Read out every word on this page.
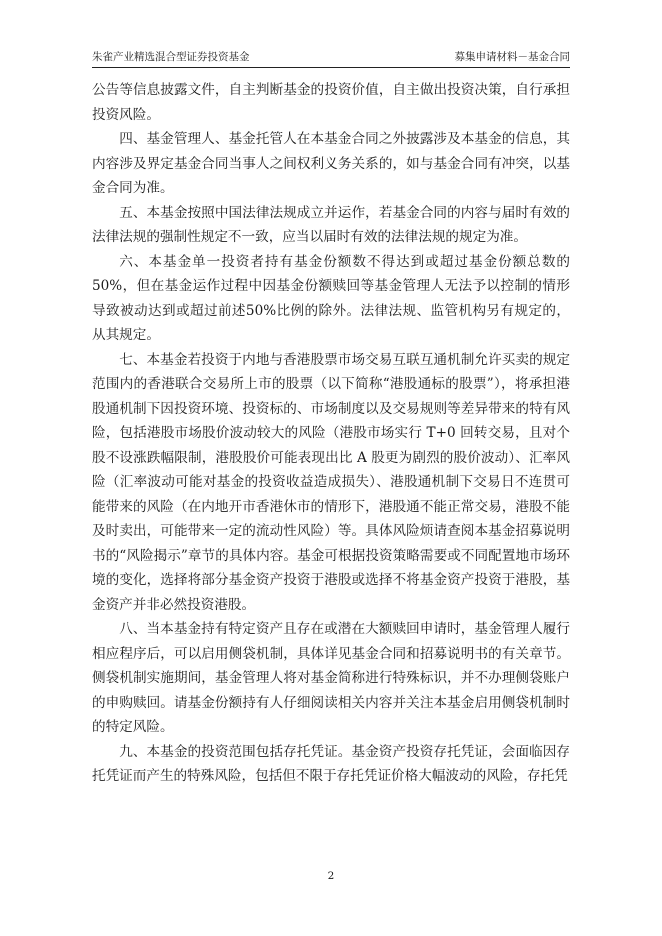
朱雀产业精选混合型证券投资基金	募集申请材料－基金合同

公告等信息披露文件，自主判断基金的投资价值，自主做出投资决策，自行承担投资风险。

四、基金管理人、基金托管人在本基金合同之外披露涉及本基金的信息，其内容涉及界定基金合同当事人之间权利义务关系的，如与基金合同有冲突，以基金合同为准。

五、本基金按照中国法律法规成立并运作，若基金合同的内容与届时有效的法律法规的强制性规定不一致，应当以届时有效的法律法规的规定为准。

六、本基金单一投资者持有基金份额数不得达到或超过基金份额总数的50%，但在基金运作过程中因基金份额赎回等基金管理人无法予以控制的情形导致被动达到或超过前述50%比例的除外。法律法规、监管机构另有规定的，从其规定。

七、本基金若投资于内地与香港股票市场交易互联互通机制允许买卖的规定范围内的香港联合交易所上市的股票（以下简称“港股通标的股票”），将承担港股通机制下因投资环境、投资标的、市场制度以及交易规则等差异带来的特有风险，包括港股市场股价波动较大的风险（港股市场实行 T+0 回转交易，且对个股不设涨跌幅限制，港股股价可能表现出比 A 股更为剧烈的股价波动）、汇率风险（汇率波动可能对基金的投资收益造成损失）、港股通机制下交易日不连贯可能带来的风险（在内地开市香港休市的情形下，港股通不能正常交易，港股不能及时卖出，可能带来一定的流动性风险）等。具体风险烦请查阅本基金招募说明书的“风险揭示”章节的具体内容。基金可根据投资策略需要或不同配置地市场环境的变化，选择将部分基金资产投资于港股或选择不将基金资产投资于港股，基金资产并非必然投资港股。

八、当本基金持有特定资产且存在或潜在大额赎回申请时，基金管理人履行相应程序后，可以启用侧袋机制，具体详见基金合同和招募说明书的有关章节。侧袋机制实施期间，基金管理人将对基金简称进行特殊标识，并不办理侧袋账户的申购赎回。请基金份额持有人仔细阅读相关内容并关注本基金启用侧袋机制时的特定风险。

九、本基金的投资范围包括存托凭证。基金资产投资存托凭证，会面临因存托凭证而产生的特殊风险，包括但不限于存托凭证价格大幅波动的风险，存托凭

2
